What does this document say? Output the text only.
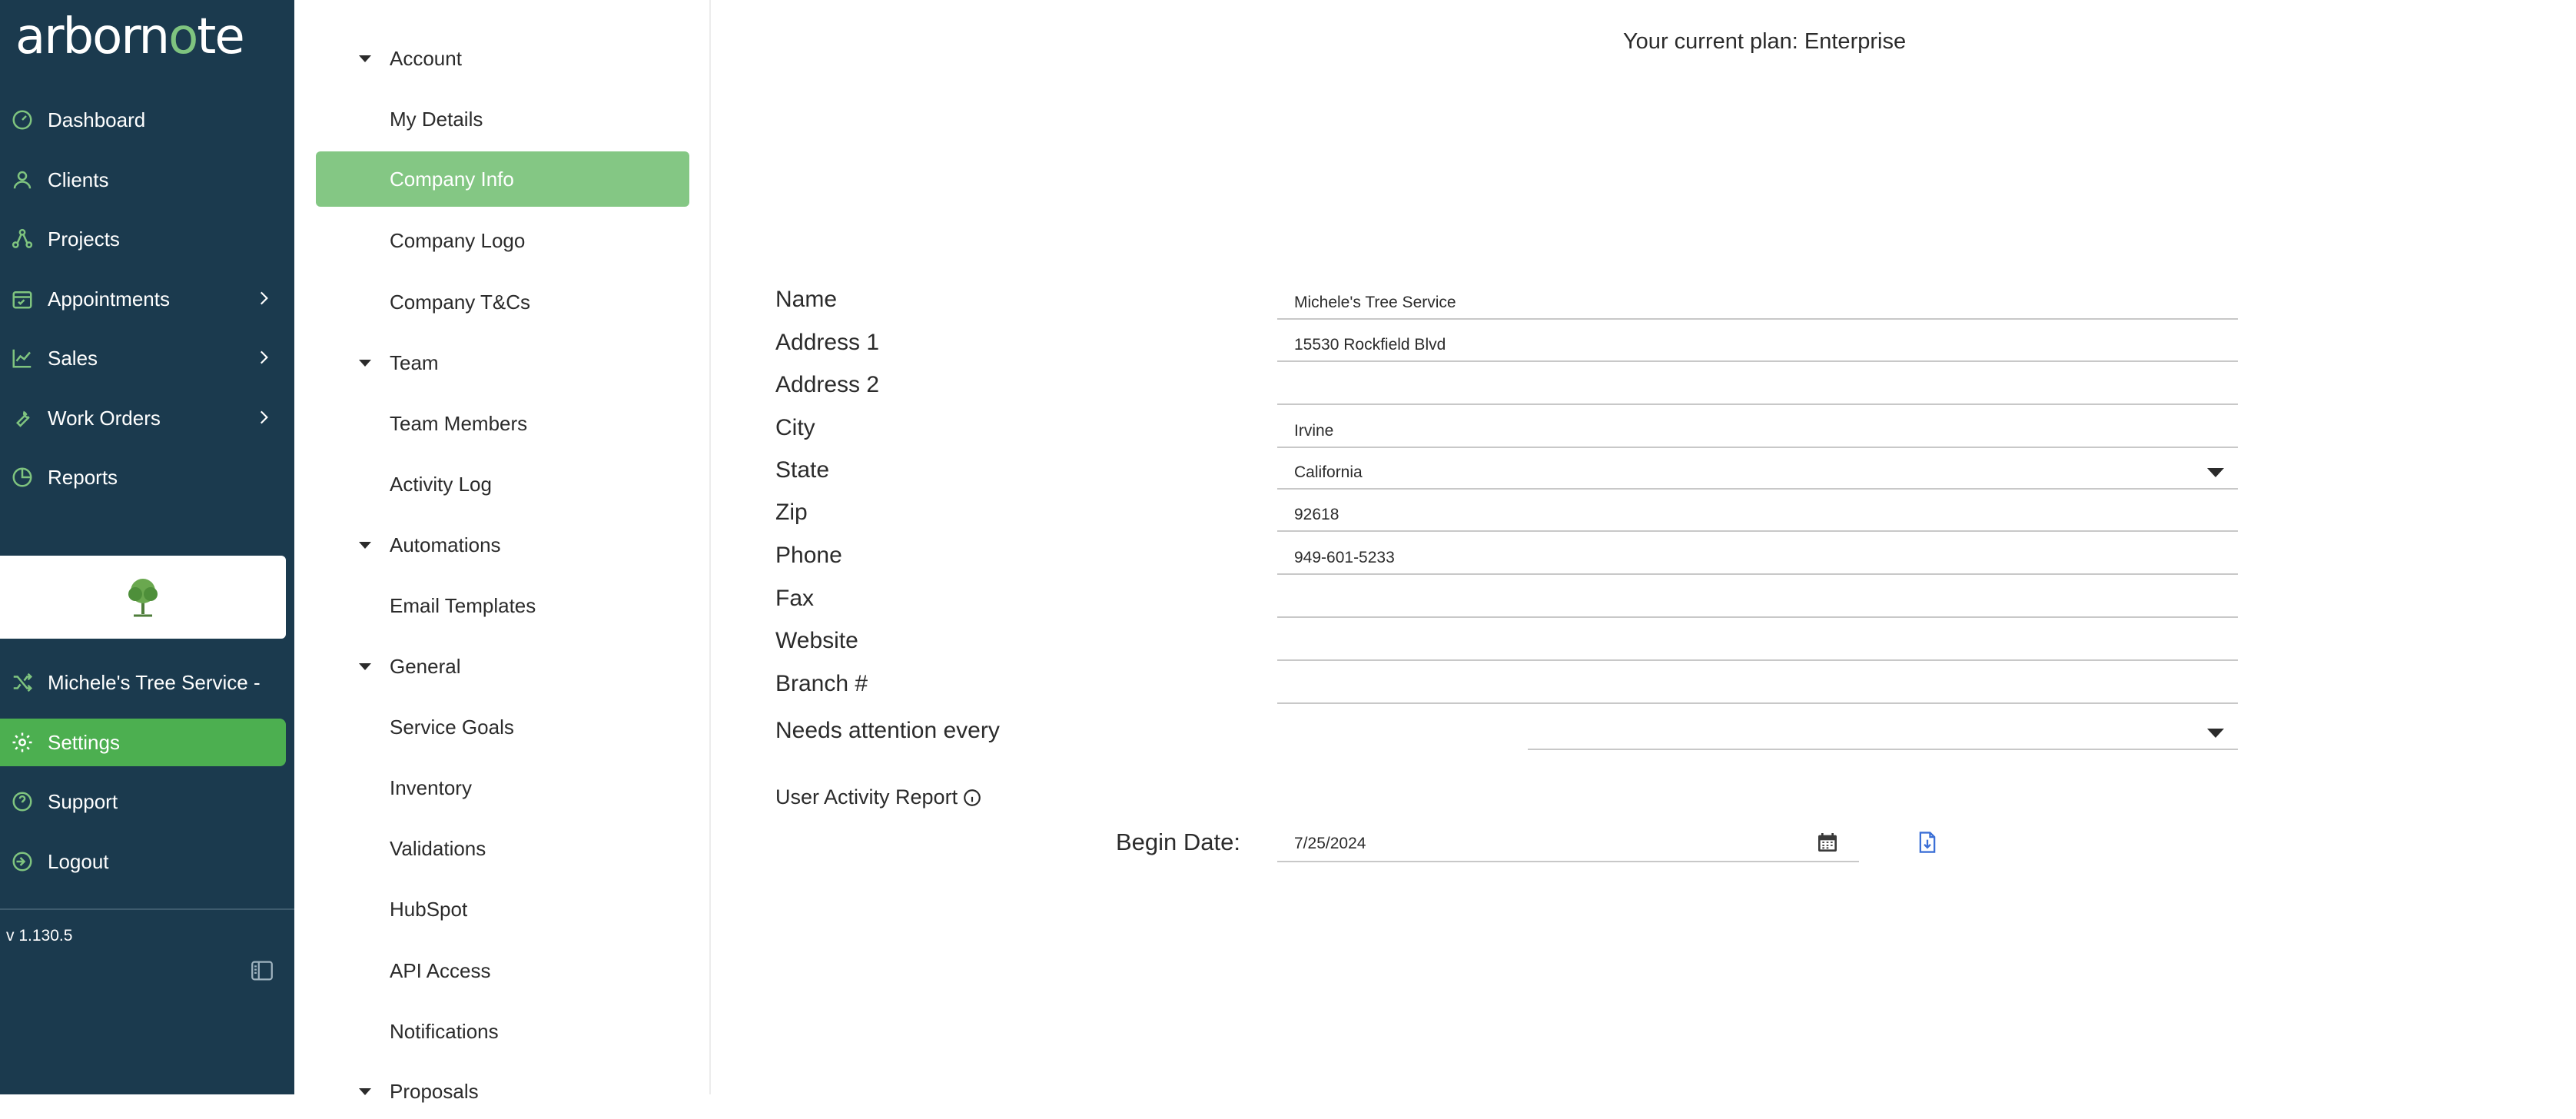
arbornote
Dashboard
Clients
Projects
Appointments
Sales
Work Orders
Reports
Michele's Tree Service -
Settings
Support
Logout
v 1.130.5
Account
My Details
Company Info
Company Logo
Company T&Cs
Team
Team Members
Activity Log
Automations
Email Templates
General
Service Goals
Inventory
Validations
HubSpot
API Access
Notifications
Proposals
Your current plan: Enterprise
Name	Michele's Tree Service
Address 1	15530 Rockfield Blvd
Address 2
City	Irvine
State	California
Zip	92618
Phone	949-601-5233
Fax
Website
Branch #
Needs attention every
User Activity Report
Begin Date:	7/25/2024
